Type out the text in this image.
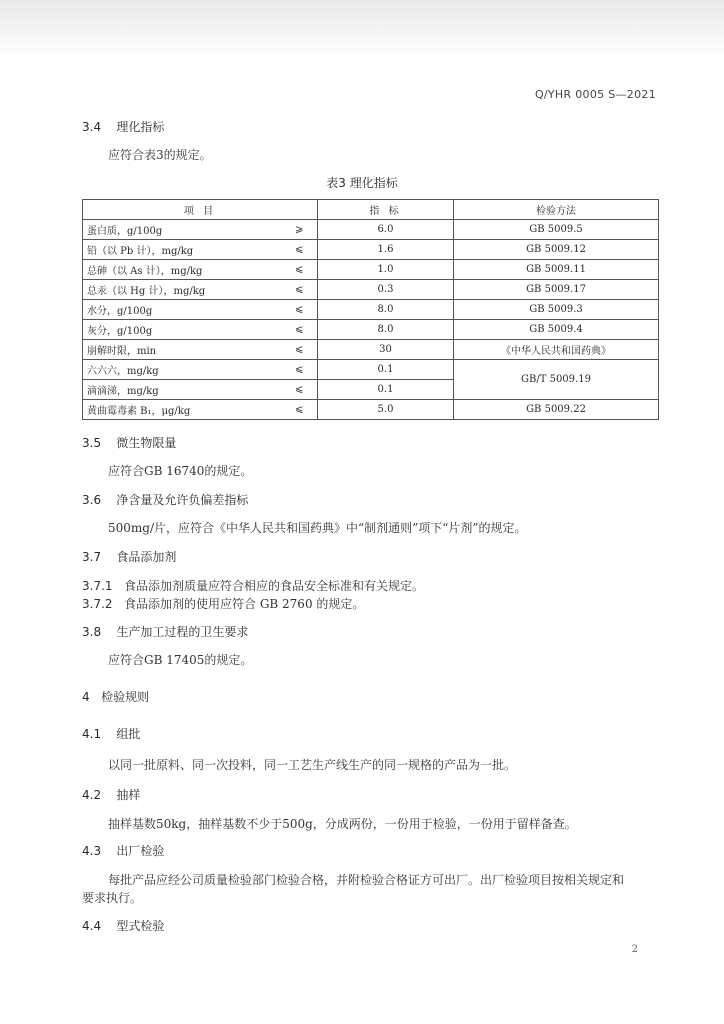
Q/YHR 0005 S—2021
3.4 理化指标
应符合表3的规定。
表3 理化指标
项 目		指 标	检验方法
蛋白质，g/100g	⩾	6.0	GB 5009.5
铅（以 Pb 计），mg/kg	⩽	1.6	GB 5009.12
总砷（以 As 计），mg/kg	⩽	1.0	GB 5009.11
总汞（以 Hg 计），mg/kg	⩽	0.3	GB 5009.17
水分，g/100g	⩽	8.0	GB 5009.3
灰分，g/100g	⩽	8.0	GB 5009.4
崩解时限，min	⩽	30	《中华人民共和国药典》
六六六，mg/kg	⩽	0.1	GB/T 5009.19
滴滴涕，mg/kg	⩽	0.1	
黄曲霉毒素 B₁，μg/kg	⩽	5.0	GB 5009.22
3.5 微生物限量
应符合GB 16740的规定。
3.6 净含量及允许负偏差指标
500mg/片，应符合《中华人民共和国药典》中“制剂通则”项下“片剂”的规定。
3.7 食品添加剂
3.7.1 食品添加剂质量应符合相应的食品安全标准和有关规定。
3.7.2 食品添加剂的使用应符合 GB 2760 的规定。
3.8 生产加工过程的卫生要求
应符合GB 17405的规定。
4 检验规则
4.1 组批
以同一批原料、同一次投料，同一工艺生产线生产的同一规格的产品为一批。
4.2 抽样
抽样基数50kg，抽样基数不少于500g，分成两份，一份用于检验，一份用于留样备查。
4.3 出厂检验
每批产品应经公司质量检验部门检验合格，并附检验合格证方可出厂。出厂检验项目按相关规定和
要求执行。
4.4 型式检验
2
